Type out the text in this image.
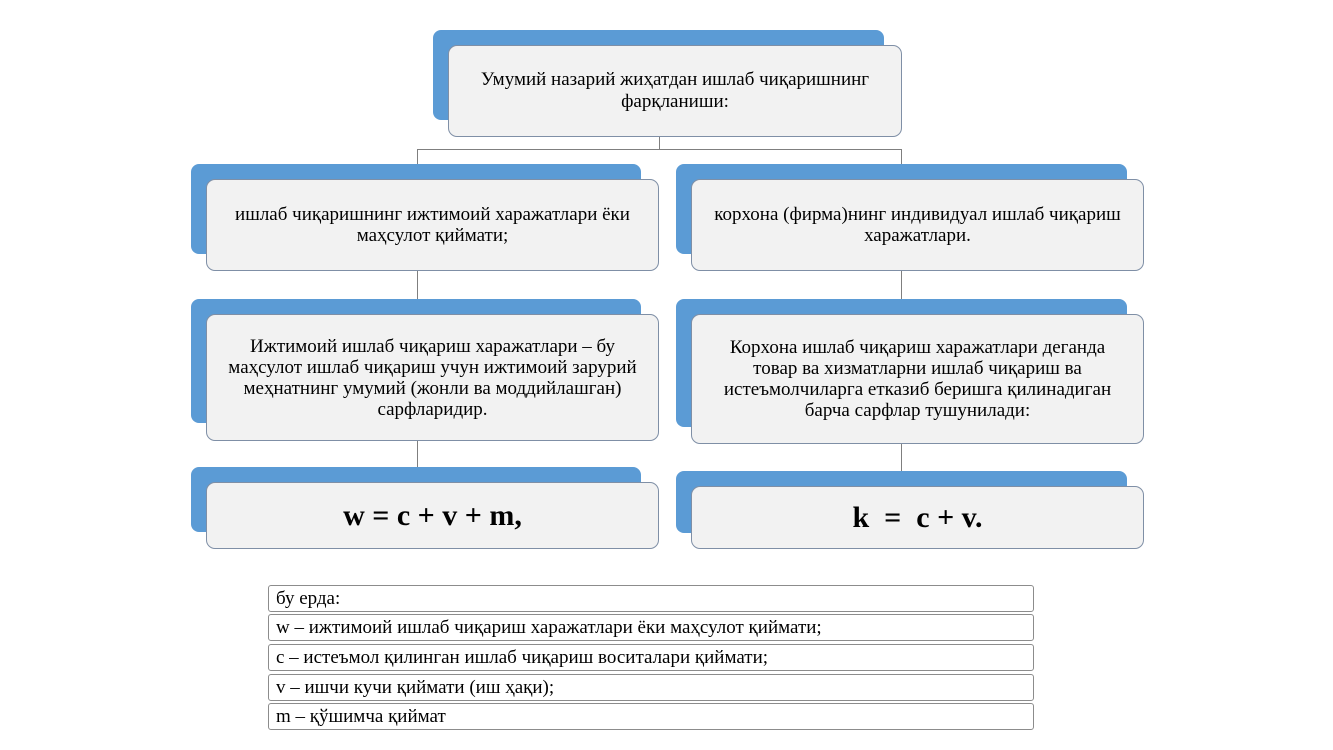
Умумий назарий жиҳатдан ишлаб чиқаришнинг фарқланиши:
ишлаб чиқаришнинг ижтимоий харажатлари ёки маҳсулот қиймати;
Ижтимоий ишлаб чиқариш харажатлари – бу маҳсулот ишлаб чиқариш учун ижтимоий зарурий меҳнатнинг умумий (жонли ва моддийлашган) сарфларидир.
w = c + v + m,
корхона (фирма)нинг индивидуал ишлаб чиқариш харажатлари.
Корхона ишлаб чиқариш харажатлари деганда товар ва хизматларни ишлаб чиқариш ва истеъмолчиларга етказиб беришга қилинадиган барча сарфлар тушунилади:
k  =  c + v.
бу ерда:
w – ижтимоий ишлаб чиқариш харажатлари ёки маҳсулот қиймати;
c – истеъмол қилинган ишлаб чиқариш воситалари қиймати;
v – ишчи кучи қиймати (иш ҳақи);
m – қўшимча қиймат
